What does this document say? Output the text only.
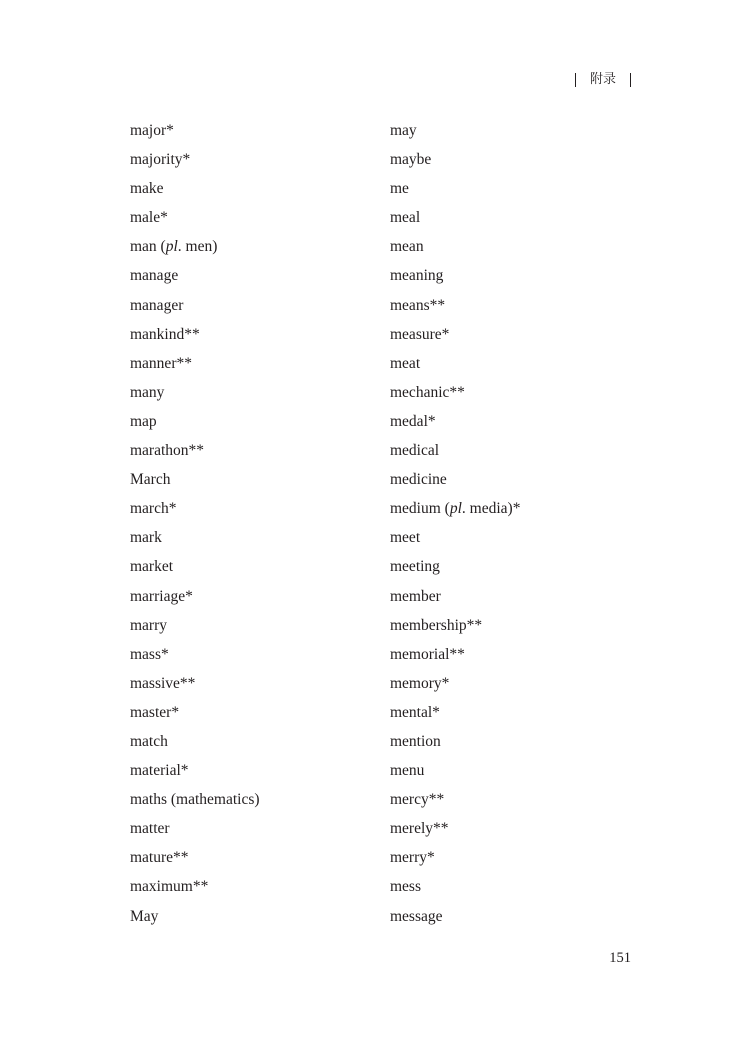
附录
major*
majority*
make
male*
man (pl. men)
manage
manager
mankind**
manner**
many
map
marathon**
March
march*
mark
market
marriage*
marry
mass*
massive**
master*
match
material*
maths (mathematics)
matter
mature**
maximum**
May
may
maybe
me
meal
mean
meaning
means**
measure*
meat
mechanic**
medal*
medical
medicine
medium (pl. media)*
meet
meeting
member
membership**
memorial**
memory*
mental*
mention
menu
mercy**
merely**
merry*
mess
message
151
